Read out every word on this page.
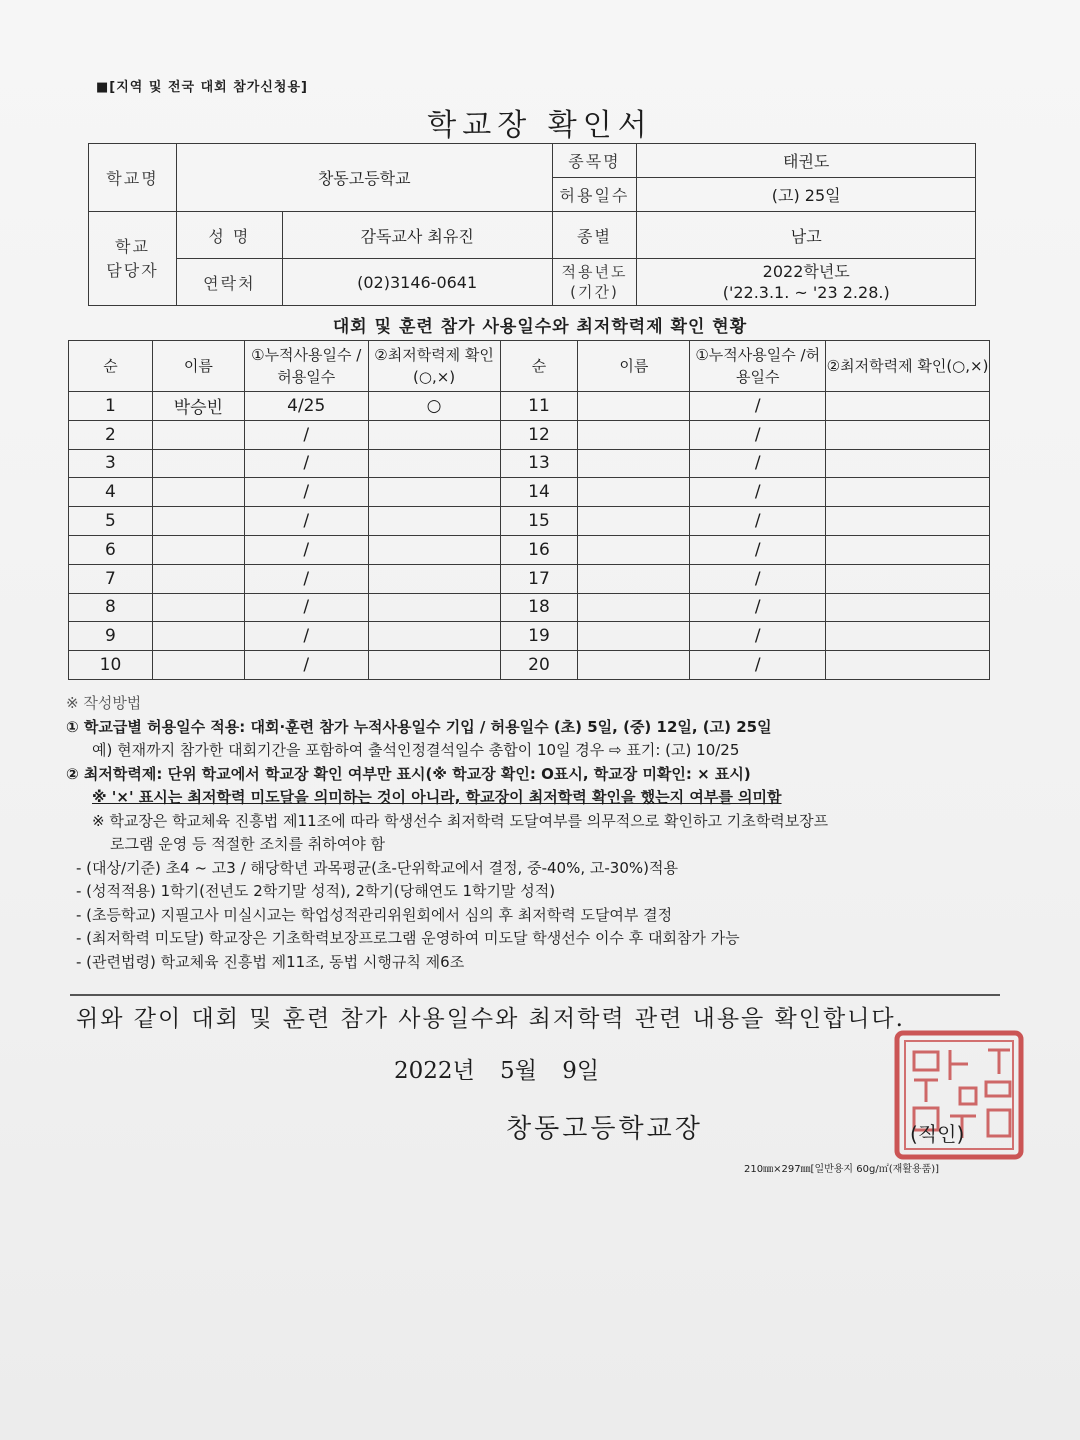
■[지역 및 전국 대회 참가신청용]
학교장 확인서
학교명	창동고등학교		종목명	태권도
			허용일수	(고) 25일
학교 담당자	성 명	감독교사 최유진	종별	남고
	연락처	(02)3146-0641	적용년도 (기간)	2022학년도
('22.3.1. ~ '23 2.28.)
대회 및 훈련 참가 사용일수와 최저학력제 확인 현황
순	이름	①누적사용일수 /허용일수	②최저학력제 확인(○,×)	순	이름	①누적사용일수 /허용일수	②최저학력제 확인(○,×)
1	박승빈	4/25	○	11		/	
2		/		12		/	
3		/		13		/	
4		/		14		/	
5		/		15		/	
6		/		16		/	
7		/		17		/	
8		/		18		/	
9		/		19		/	
10		/		20		/	
※ 작성방법
① 학교급별 허용일수 적용: 대회·훈련 참가 누적사용일수 기입 / 허용일수 (초) 5일, (중) 12일, (고) 25일
예) 현재까지 참가한 대회기간을 포함하여 출석인정결석일수 총합이 10일 경우 ⇨ 표기: (고) 10/25
② 최저학력제: 단위 학교에서 학교장 확인 여부만 표시(※ 학교장 확인: O표시, 학교장 미확인: × 표시)
※ '×' 표시는 최저학력 미도달을 의미하는 것이 아니라, 학교장이 최저학력 확인을 했는지 여부를 의미함
※ 학교장은 학교체육 진흥법 제11조에 따라 학생선수 최저학력 도달여부를 의무적으로 확인하고 기초학력보장프
로그램 운영 등 적절한 조치를 취하여야 함
- (대상/기준) 초4 ~ 고3 / 해당학년 과목평균(초-단위학교에서 결정, 중-40%, 고-30%)적용
- (성적적용) 1학기(전년도 2학기말 성적), 2학기(당해연도 1학기말 성적)
- (초등학교) 지필고사 미실시교는 학업성적관리위원회에서 심의 후 최저학력 도달여부 결정
- (최저학력 미도달) 학교장은 기초학력보장프로그램 운영하여 미도달 학생선수 이수 후 대회참가 가능
- (관련법령) 학교체육 진흥법 제11조, 동법 시행규칙 제6조
위와 같이 대회 및 훈련 참가 사용일수와 최저학력 관련 내용을 확인합니다.
2022년 5월 9일
창동고등학교장	(직인)
210㎜×297㎜[일반용지 60g/㎡(재활용품)]
